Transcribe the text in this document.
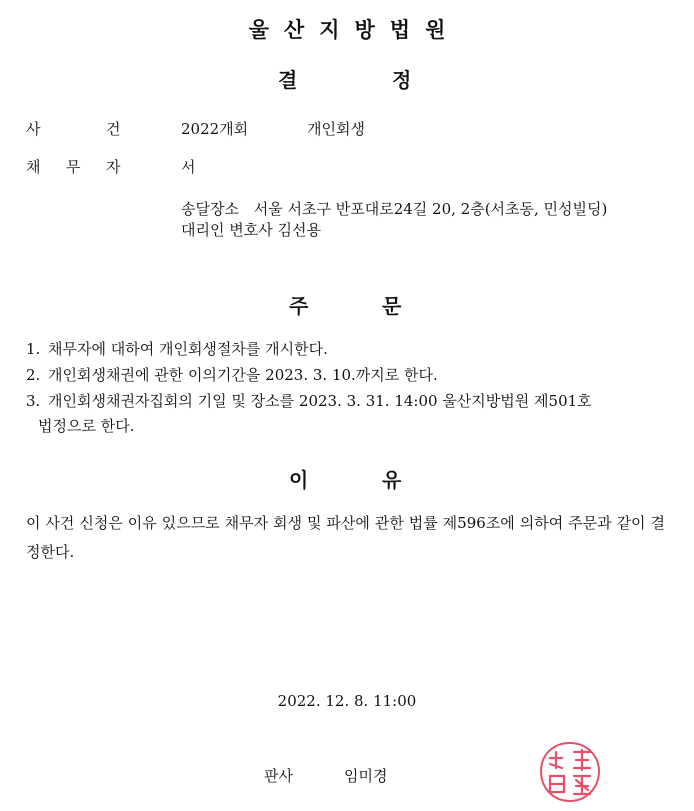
울산지방법원
결	정
사	건	2022개회	개인회생
채 무 자	서
송달장소 서울 서초구 반포대로24길 20, 2층(서초동, 민성빌딩)
대리인 변호사 김선용
주	문
1. 채무자에 대하여 개인회생절차를 개시한다.
2. 개인회생채권에 관한 이의기간을 2023. 3. 10.까지로 한다.
3. 개인회생채권자집회의 기일 및 장소를 2023. 3. 31. 14:00 울산지방법원 제501호
법정으로 한다.
이	유
이 사건 신청은 이유 있으므로 채무자 회생 및 파산에 관한 법률 제596조에 의하여 주문과 같이 결정한다.
2022. 12. 8. 11:00
판사	임미경
